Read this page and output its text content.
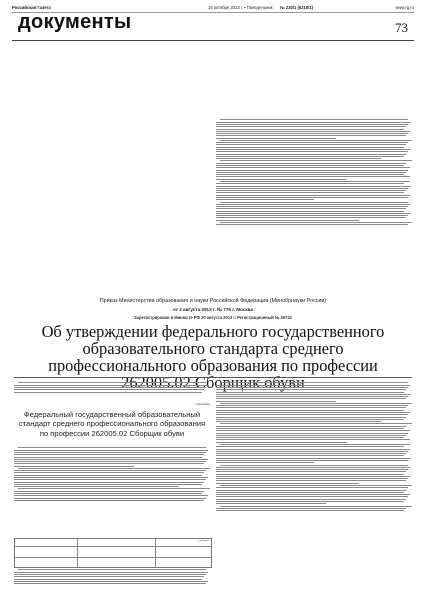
Российская Газета	16 октября 2013 г. • Понедельник № 230/1 (6210/1)	www.rg.ru
документы	73
Приказ Министерства образования и науки Российской Федерации (Минобрнауки России)
от 2 августа 2013 г. № 776 г. Москва
Зарегистрирован в Минюсте РФ 20 августа 2013 г. Регистрационный № 29742
Об утверждении федерального государственного образовательного стандарта среднего профессионального образования по профессии 262005.02 Сборщик обуви
Приложение
Федеральный государственный образовательный стандарт среднего профессионального образования по профессии 262005.02 Сборщик обуви
Таблица 1
